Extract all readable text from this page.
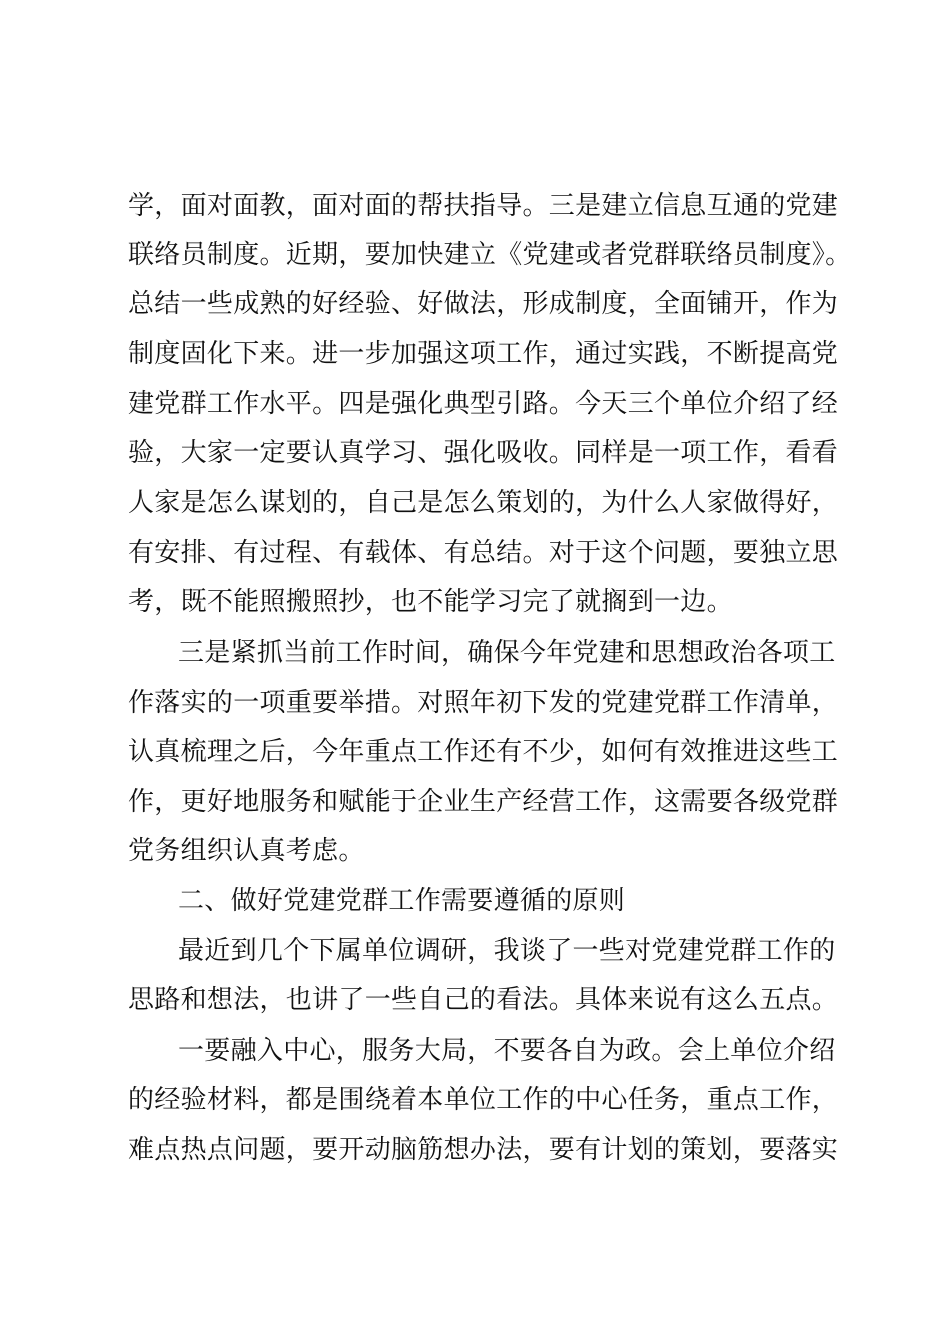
学，面对面教，面对面的帮扶指导。三是建立信息互通的党建
联络员制度。近期，要加快建立《党建或者党群联络员制度》。
总结一些成熟的好经验、好做法，形成制度，全面铺开，作为
制度固化下来。进一步加强这项工作，通过实践，不断提高党
建党群工作水平。四是强化典型引路。今天三个单位介绍了经
验，大家一定要认真学习、强化吸收。同样是一项工作，看看
人家是怎么谋划的，自己是怎么策划的，为什么人家做得好，
有安排、有过程、有载体、有总结。对于这个问题，要独立思
考，既不能照搬照抄，也不能学习完了就搁到一边。
三是紧抓当前工作时间，确保今年党建和思想政治各项工
作落实的一项重要举措。对照年初下发的党建党群工作清单，
认真梳理之后，今年重点工作还有不少，如何有效推进这些工
作，更好地服务和赋能于企业生产经营工作，这需要各级党群
党务组织认真考虑。
二、做好党建党群工作需要遵循的原则
最近到几个下属单位调研，我谈了一些对党建党群工作的
思路和想法，也讲了一些自己的看法。具体来说有这么五点。
一要融入中心，服务大局，不要各自为政。会上单位介绍
的经验材料，都是围绕着本单位工作的中心任务，重点工作，
难点热点问题，要开动脑筋想办法，要有计划的策划，要落实
